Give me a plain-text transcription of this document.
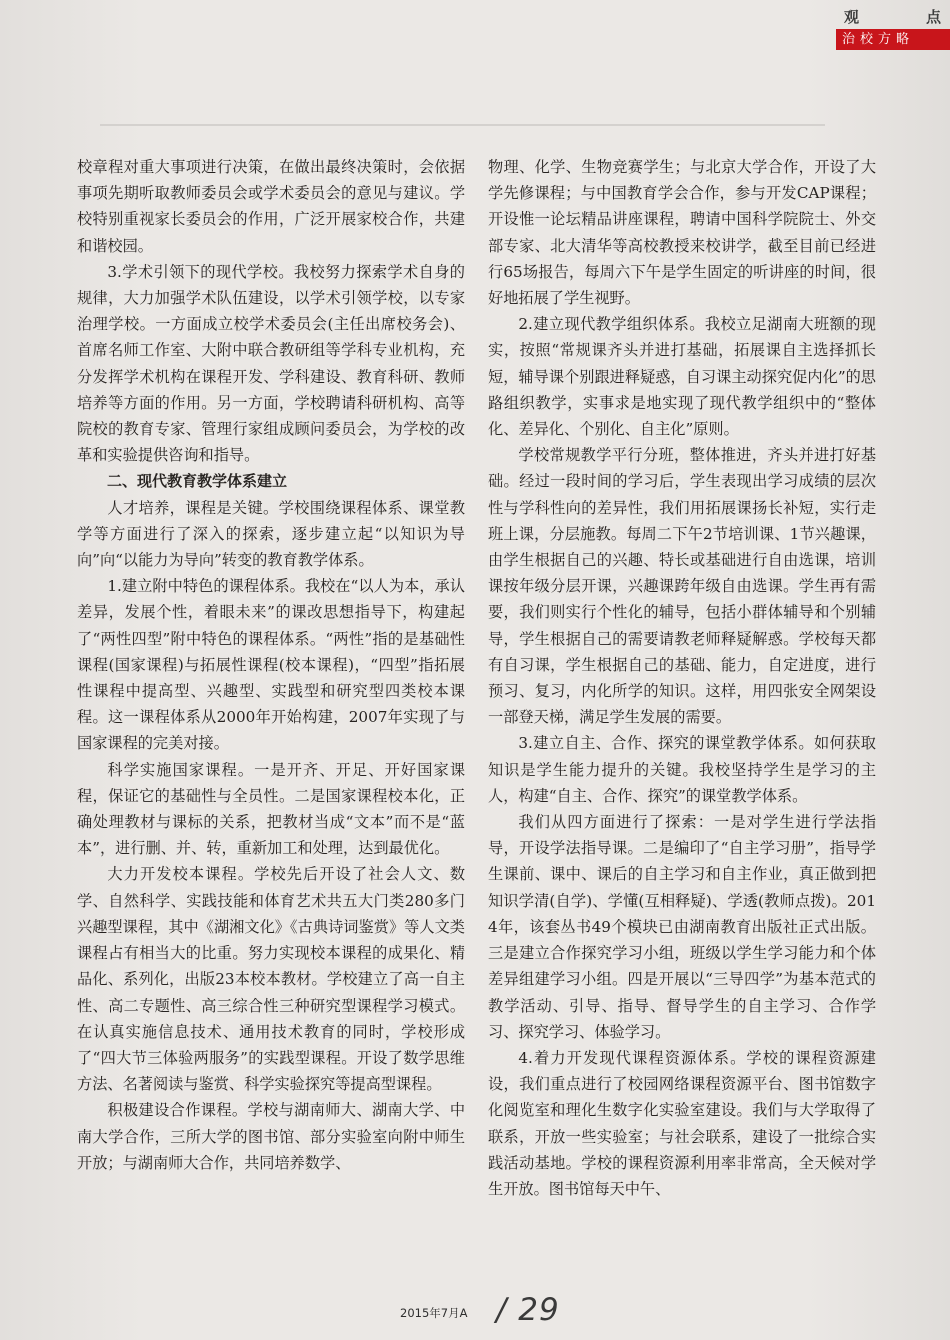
观	点
治校方略

校章程对重大事项进行决策，在做出最终决策时，会依据事项先期听取教师委员会或学术委员会的意见与建议。学校特别重视家长委员会的作用，广泛开展家校合作，共建和谐校园。

3.学术引领下的现代学校。我校努力探索学术自身的规律，大力加强学术队伍建设，以学术引领学校，以专家治理学校。一方面成立校学术委员会(主任出席校务会)、首席名师工作室、大附中联合教研组等学科专业机构，充分发挥学术机构在课程开发、学科建设、教育科研、教师培养等方面的作用。另一方面，学校聘请科研机构、高等院校的教育专家、管理行家组成顾问委员会，为学校的改革和实验提供咨询和指导。

二、现代教育教学体系建立

人才培养，课程是关键。学校围绕课程体系、课堂教学等方面进行了深入的探索，逐步建立起“以知识为导向”向“以能力为导向”转变的教育教学体系。

1.建立附中特色的课程体系。我校在“以人为本，承认差异，发展个性，着眼未来”的课改思想指导下，构建起了“两性四型”附中特色的课程体系。“两性”指的是基础性课程(国家课程)与拓展性课程(校本课程)，“四型”指拓展性课程中提高型、兴趣型、实践型和研究型四类校本课程。这一课程体系从2000年开始构建，2007年实现了与国家课程的完美对接。

科学实施国家课程。一是开齐、开足、开好国家课程，保证它的基础性与全员性。二是国家课程校本化，正确处理教材与课标的关系，把教材当成“文本”而不是“蓝本”，进行删、并、转，重新加工和处理，达到最优化。

大力开发校本课程。学校先后开设了社会人文、数学、自然科学、实践技能和体育艺术共五大门类280多门兴趣型课程，其中《湖湘文化》《古典诗词鉴赏》等人文类课程占有相当大的比重。努力实现校本课程的成果化、精品化、系列化，出版23本校本教材。学校建立了高一自主性、高二专题性、高三综合性三种研究型课程学习模式。在认真实施信息技术、通用技术教育的同时，学校形成了“四大节三体验两服务”的实践型课程。开设了数学思维方法、名著阅读与鉴赏、科学实验探究等提高型课程。

积极建设合作课程。学校与湖南师大、湖南大学、中南大学合作，三所大学的图书馆、部分实验室向附中师生开放；与湖南师大合作，共同培养数学、

物理、化学、生物竞赛学生；与北京大学合作，开设了大学先修课程；与中国教育学会合作，参与开发CAP课程；开设惟一论坛精品讲座课程，聘请中国科学院院士、外交部专家、北大清华等高校教授来校讲学，截至目前已经进行65场报告，每周六下午是学生固定的听讲座的时间，很好地拓展了学生视野。

2.建立现代教学组织体系。我校立足湖南大班额的现实，按照“常规课齐头并进打基础，拓展课自主选择抓长短，辅导课个别跟进释疑惑，自习课主动探究促内化”的思路组织教学，实事求是地实现了现代教学组织中的“整体化、差异化、个别化、自主化”原则。

学校常规教学平行分班，整体推进，齐头并进打好基础。经过一段时间的学习后，学生表现出学习成绩的层次性与学科性向的差异性，我们用拓展课扬长补短，实行走班上课，分层施教。每周二下午2节培训课、1节兴趣课，由学生根据自己的兴趣、特长或基础进行自由选课，培训课按年级分层开课，兴趣课跨年级自由选课。学生再有需要，我们则实行个性化的辅导，包括小群体辅导和个别辅导，学生根据自己的需要请教老师释疑解惑。学校每天都有自习课，学生根据自己的基础、能力，自定进度，进行预习、复习，内化所学的知识。这样，用四张安全网架设一部登天梯，满足学生发展的需要。

3.建立自主、合作、探究的课堂教学体系。如何获取知识是学生能力提升的关键。我校坚持学生是学习的主人，构建“自主、合作、探究”的课堂教学体系。

我们从四方面进行了探索：一是对学生进行学法指导，开设学法指导课。二是编印了“自主学习册”，指导学生课前、课中、课后的自主学习和自主作业，真正做到把知识学清(自学)、学懂(互相释疑)、学透(教师点拨)。2014年，该套丛书49个模块已由湖南教育出版社正式出版。三是建立合作探究学习小组，班级以学生学习能力和个体差异组建学习小组。四是开展以“三导四学”为基本范式的教学活动、引导、指导、督导学生的自主学习、合作学习、探究学习、体验学习。

4.着力开发现代课程资源体系。学校的课程资源建设，我们重点进行了校园网络课程资源平台、图书馆数字化阅览室和理化生数字化实验室建设。我们与大学取得了联系，开放一些实验室；与社会联系，建设了一批综合实践活动基地。学校的课程资源利用率非常高，全天候对学生开放。图书馆每天中午、

2015年7月A / 29
